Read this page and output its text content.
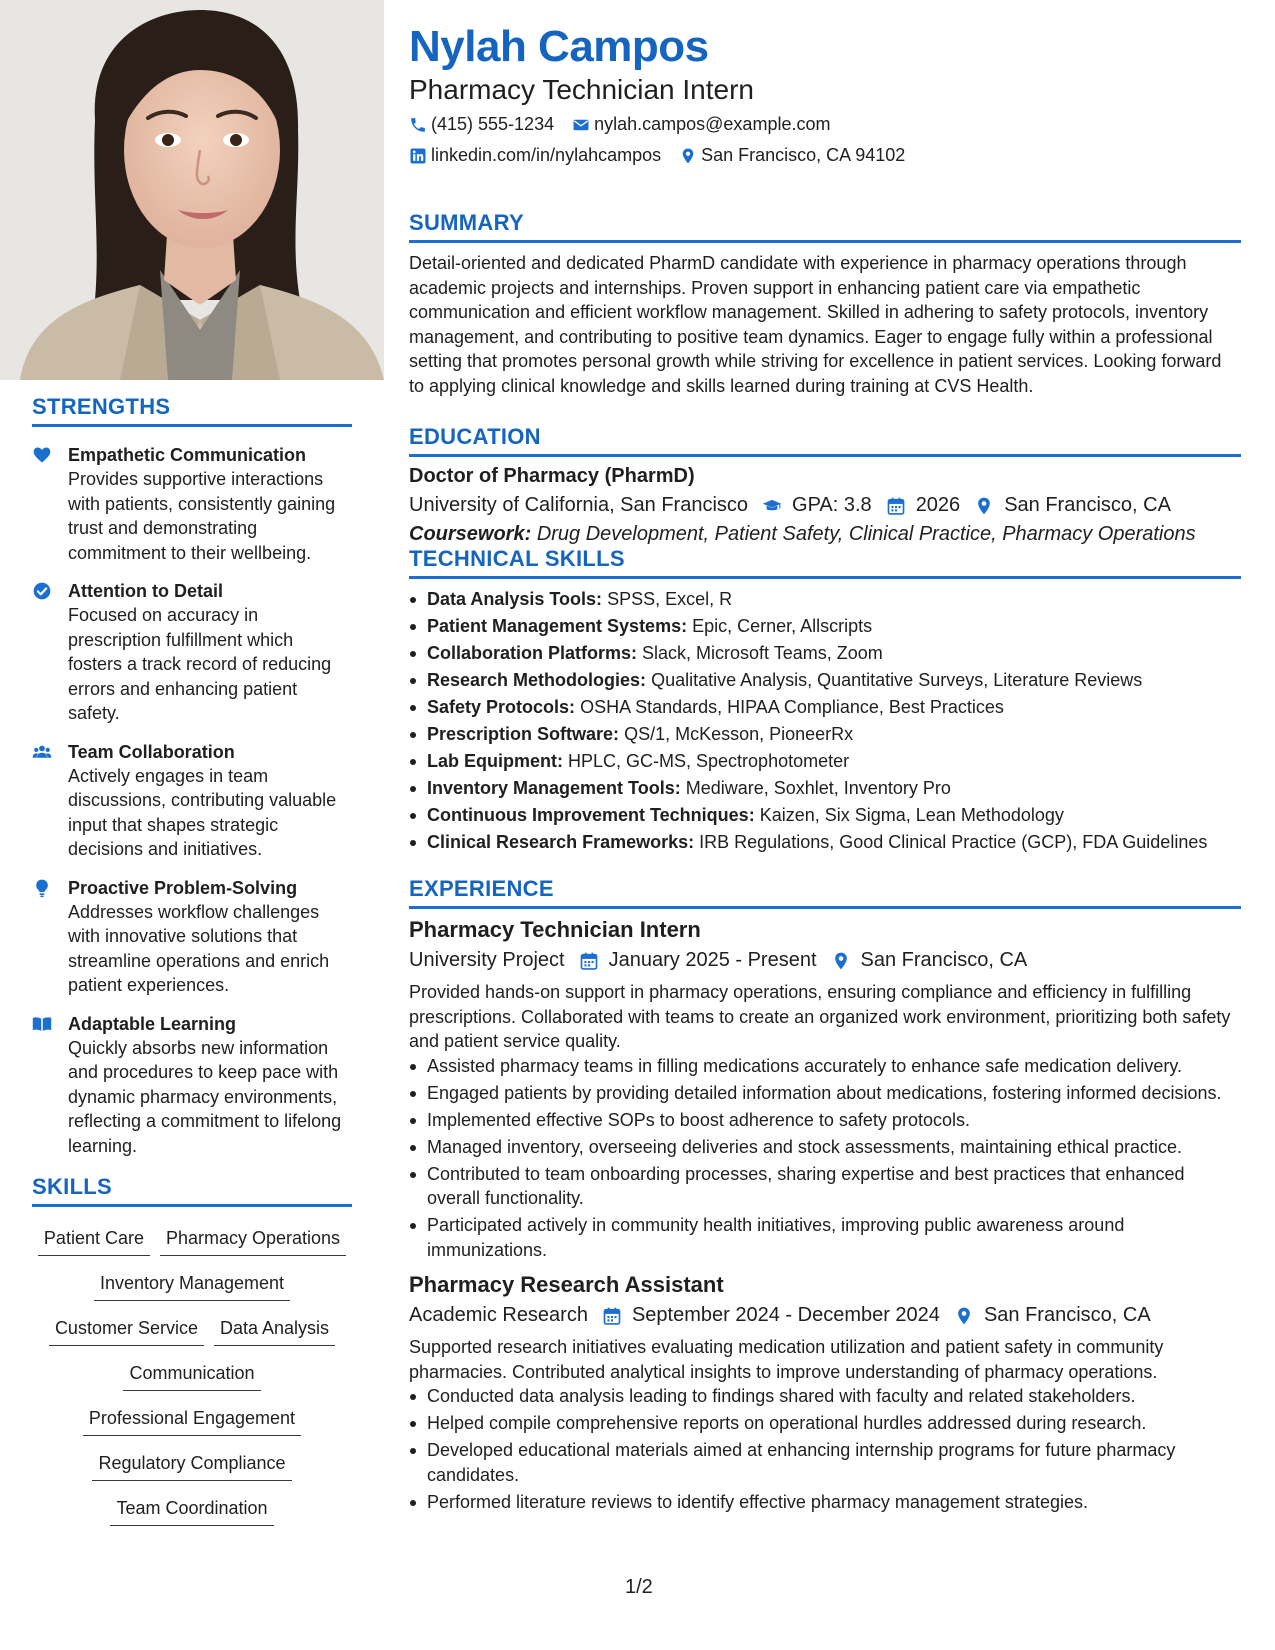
STRENGTHS
Empathetic Communication
Provides supportive interactions with patients, consistently gaining trust and demonstrating commitment to their wellbeing.
Attention to Detail
Focused on accuracy in prescription fulfillment which fosters a track record of reducing errors and enhancing patient safety.
Team Collaboration
Actively engages in team discussions, contributing valuable input that shapes strategic decisions and initiatives.
Proactive Problem-Solving
Addresses workflow challenges with innovative solutions that streamline operations and enrich patient experiences.
Adaptable Learning
Quickly absorbs new information and procedures to keep pace with dynamic pharmacy environments, reflecting a commitment to lifelong learning.
SKILLS
Patient Care	Pharmacy Operations
Inventory Management
Customer Service	Data Analysis
Communication
Professional Engagement
Regulatory Compliance
Team Coordination
Nylah Campos
Pharmacy Technician Intern
(415) 555-1234 nylah.campos@example.com
linkedin.com/in/nylahcampos San Francisco, CA 94102
SUMMARY
Detail-oriented and dedicated PharmD candidate with experience in pharmacy operations through academic projects and internships. Proven support in enhancing patient care via empathetic communication and efficient workflow management. Skilled in adhering to safety protocols, inventory management, and contributing to positive team dynamics. Eager to engage fully within a professional setting that promotes personal growth while striving for excellence in patient services. Looking forward to applying clinical knowledge and skills learned during training at CVS Health.
EDUCATION
Doctor of Pharmacy (PharmD)
University of California, San Francisco GPA: 3.8 2026 San Francisco, CA
Coursework: Drug Development, Patient Safety, Clinical Practice, Pharmacy Operations
TECHNICAL SKILLS
Data Analysis Tools: SPSS, Excel, R
Patient Management Systems: Epic, Cerner, Allscripts
Collaboration Platforms: Slack, Microsoft Teams, Zoom
Research Methodologies: Qualitative Analysis, Quantitative Surveys, Literature Reviews
Safety Protocols: OSHA Standards, HIPAA Compliance, Best Practices
Prescription Software: QS/1, McKesson, PioneerRx
Lab Equipment: HPLC, GC-MS, Spectrophotometer
Inventory Management Tools: Mediware, Soxhlet, Inventory Pro
Continuous Improvement Techniques: Kaizen, Six Sigma, Lean Methodology
Clinical Research Frameworks: IRB Regulations, Good Clinical Practice (GCP), FDA Guidelines
EXPERIENCE
Pharmacy Technician Intern
University Project January 2025 - Present San Francisco, CA
Provided hands-on support in pharmacy operations, ensuring compliance and efficiency in fulfilling prescriptions. Collaborated with teams to create an organized work environment, prioritizing both safety and patient service quality.
Assisted pharmacy teams in filling medications accurately to enhance safe medication delivery.
Engaged patients by providing detailed information about medications, fostering informed decisions.
Implemented effective SOPs to boost adherence to safety protocols.
Managed inventory, overseeing deliveries and stock assessments, maintaining ethical practice.
Contributed to team onboarding processes, sharing expertise and best practices that enhanced overall functionality.
Participated actively in community health initiatives, improving public awareness around immunizations.
Pharmacy Research Assistant
Academic Research September 2024 - December 2024 San Francisco, CA
Supported research initiatives evaluating medication utilization and patient safety in community pharmacies. Contributed analytical insights to improve understanding of pharmacy operations.
Conducted data analysis leading to findings shared with faculty and related stakeholders.
Helped compile comprehensive reports on operational hurdles addressed during research.
Developed educational materials aimed at enhancing internship programs for future pharmacy candidates.
Performed literature reviews to identify effective pharmacy management strategies.
1/2
